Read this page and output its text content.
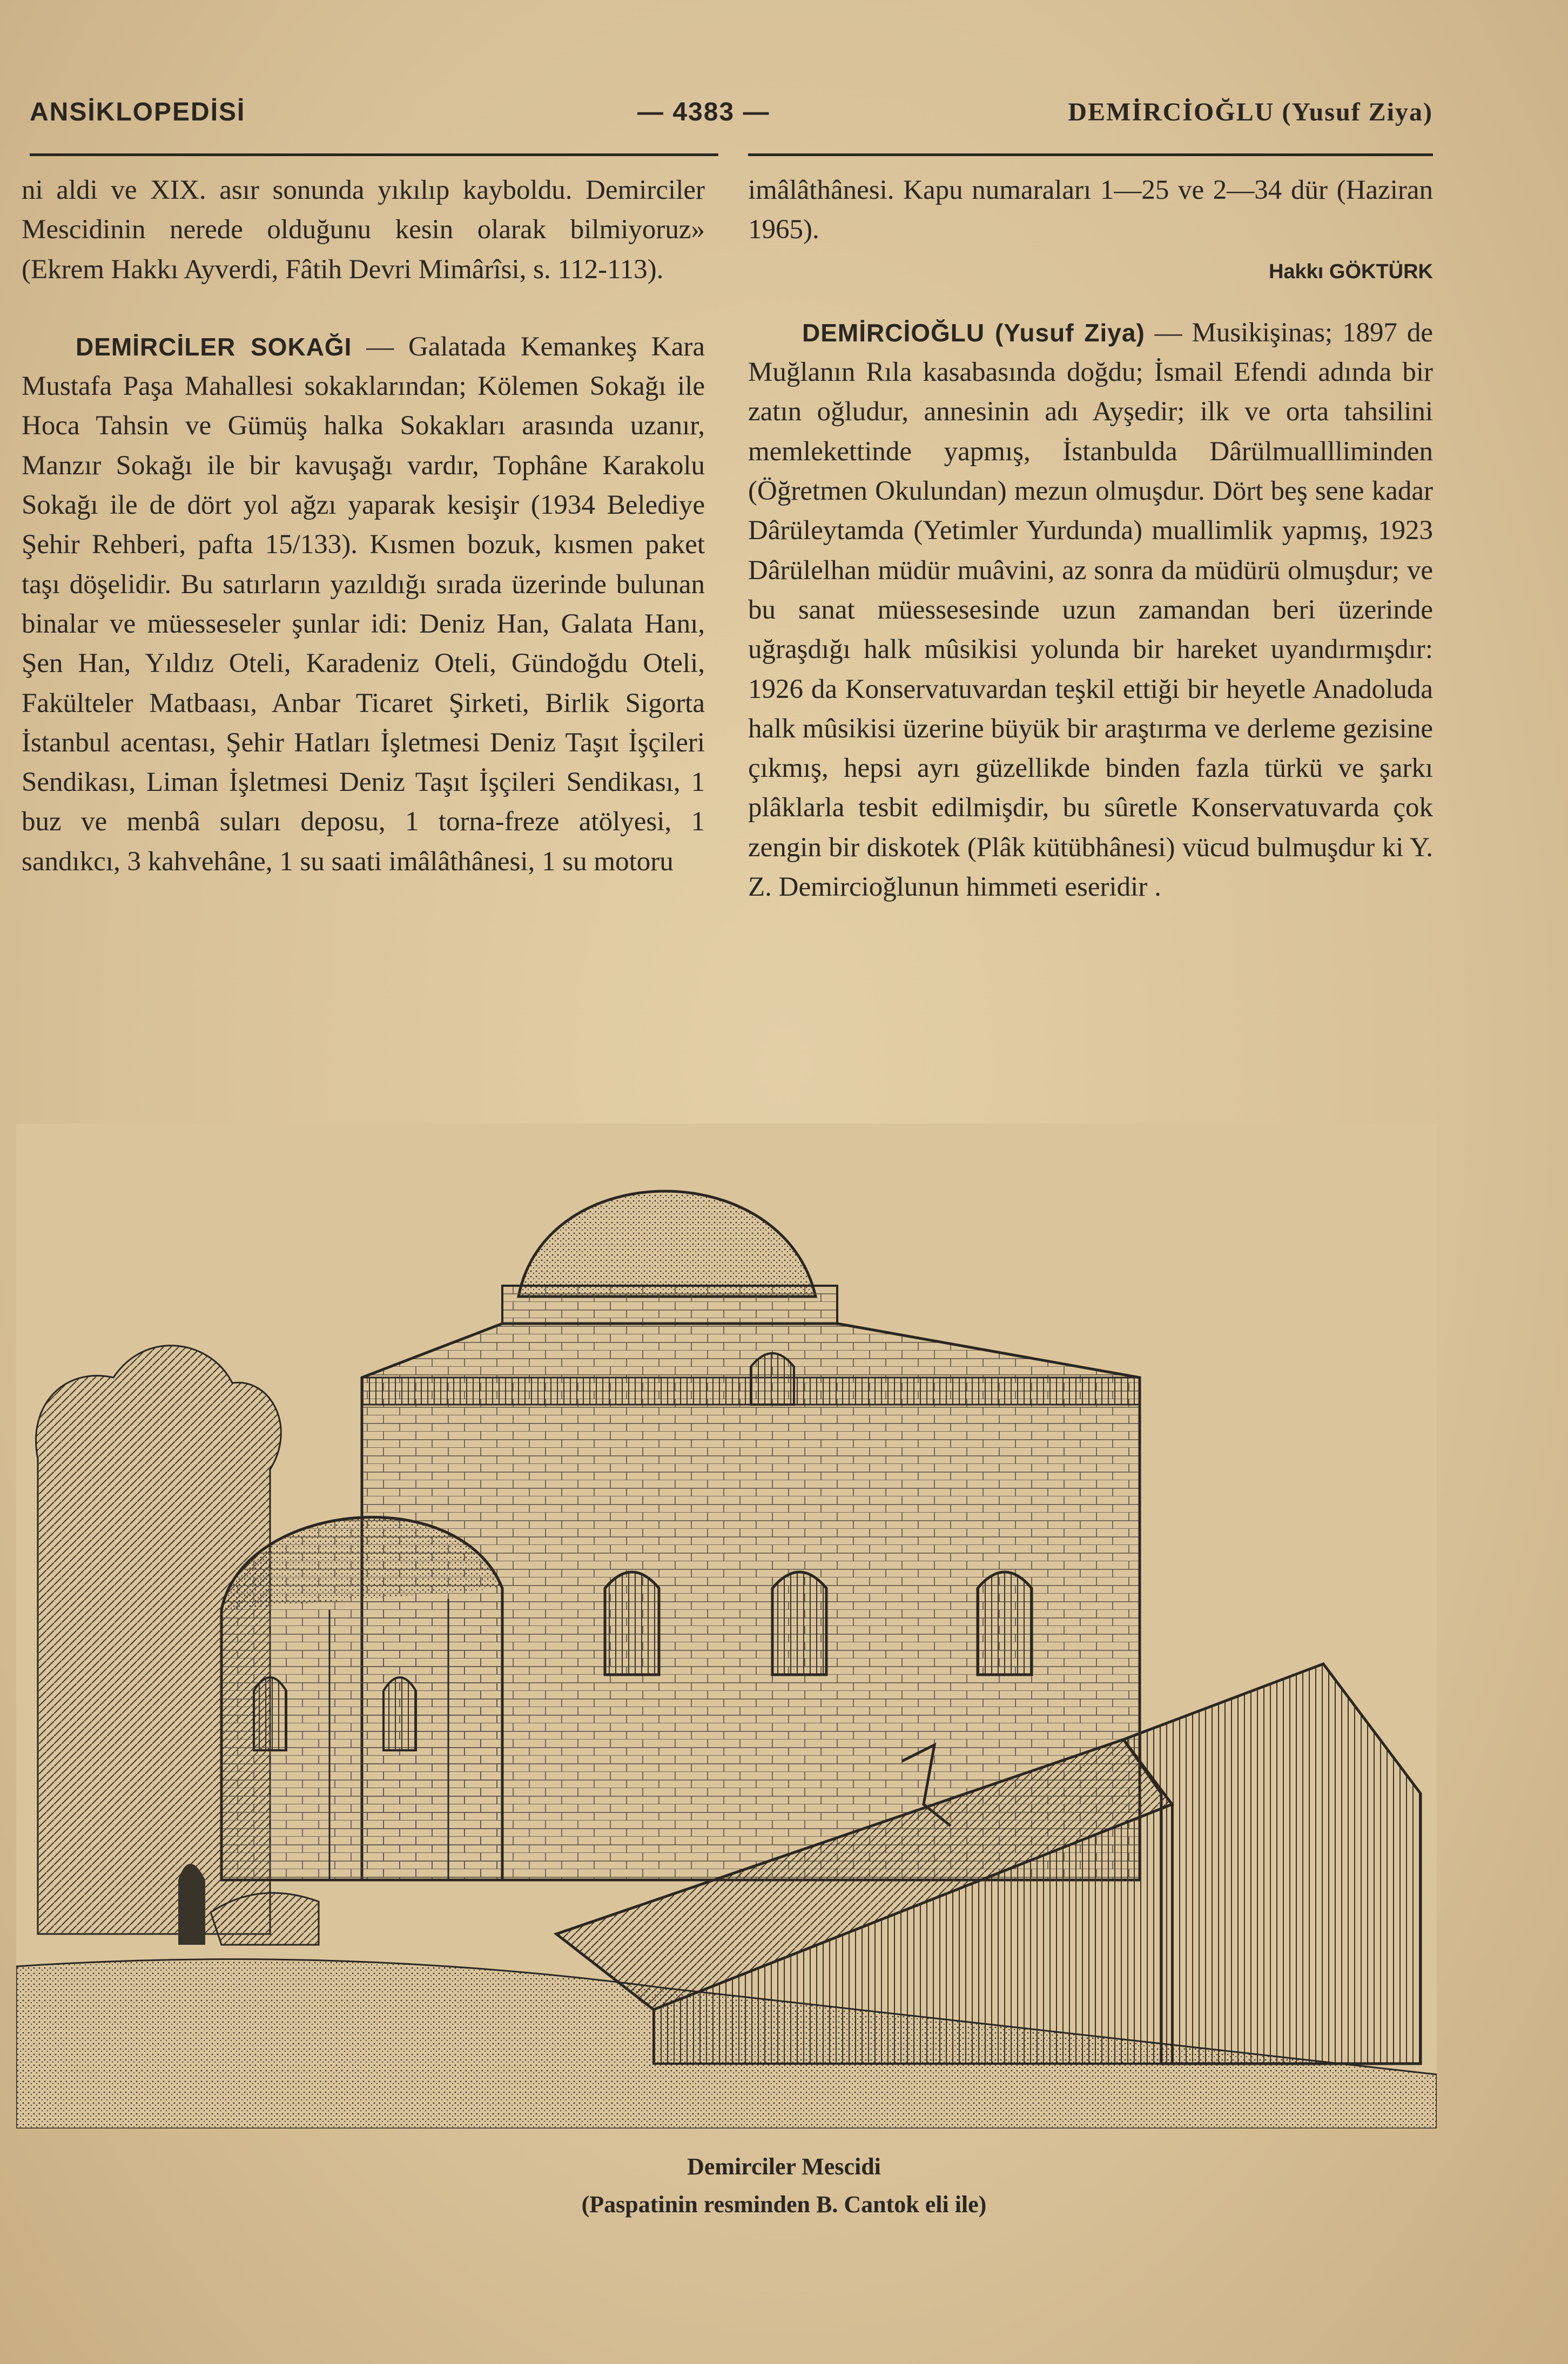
ANSİKLOPEDİSİ	— 4383 —	DEMİRCİOĞLU (Yusuf Ziya)

ni aldi ve XIX. asır sonunda yıkılıp kayboldu. Demirciler Mescidinin nerede olduğunu kesin olarak bilmiyoruz» (Ekrem Hakkı Ayverdi, Fâtih Devri Mimârîsi, s. 112-113).

DEMİRCİLER SOKAĞI — Galatada Kemankeş Kara Mustafa Paşa Mahallesi sokaklarından; Kölemen Sokağı ile Hoca Tahsin ve Gümüş halka Sokakları arasında uzanır, Manzır Sokağı ile bir kavuşağı vardır, Tophâne Karakolu Sokağı ile de dört yol ağzı yaparak kesişir (1934 Belediye Şehir Rehberi, pafta 15/133). Kısmen bozuk, kısmen paket taşı döşelidir. Bu satırların yazıldığı sırada üzerinde bulunan binalar ve müesseseler şunlar idi: Deniz Han, Galata Hanı, Şen Han, Yıldız Oteli, Karadeniz Oteli, Gündoğdu Oteli, Fakülteler Matbaası, Anbar Ticaret Şirketi, Birlik Sigorta İstanbul acentası, Şehir Hatları İşletmesi Deniz Taşıt İşçileri Sendikası, Liman İşletmesi Deniz Taşıt İşçileri Sendikası, 1 buz ve menbâ suları deposu, 1 torna-freze atölyesi, 1 sandıkcı, 3 kahvehâne, 1 su saati imâlâthânesi, 1 su motoru

imâlâthânesi. Kapu numaraları 1—25 ve 2—34 dür (Haziran 1965).

Hakkı GÖKTÜRK

DEMİRCİOĞLU (Yusuf Ziya) — Musikişinas; 1897 de Muğlanın Rıla kasabasında doğdu; İsmail Efendi adında bir zatın oğludur, annesinin adı Ayşedir; ilk ve orta tahsilini memlekettinde yapmış, İstanbulda Dârülmuallliminden (Öğretmen Okulundan) mezun olmuşdur. Dört beş sene kadar Dârüleytamda (Yetimler Yurdunda) muallimlik yapmış, 1923 Dârülelhan müdür muâvini, az sonra da müdürü olmuşdur; ve bu sanat müessesesinde uzun zamandan beri üzerinde uğraşdığı halk mûsikisi yolunda bir hareket uyandırmışdır: 1926 da Konservatuvardan teşkil ettiği bir heyetle Anadoluda halk mûsikisi üzerine büyük bir araştırma ve derleme gezisine çıkmış, hepsi ayrı güzellikde binden fazla türkü ve şarkı plâklarla tesbit edilmişdir, bu sûretle Konservatuvarda çok zengin bir diskotek (Plâk kütübhânesi) vücud bulmuşdur ki Y. Z. Demircioğlunun himmeti eseridir .

Demirciler Mescidi
(Paspatinin resminden B. Cantok eli ile)
